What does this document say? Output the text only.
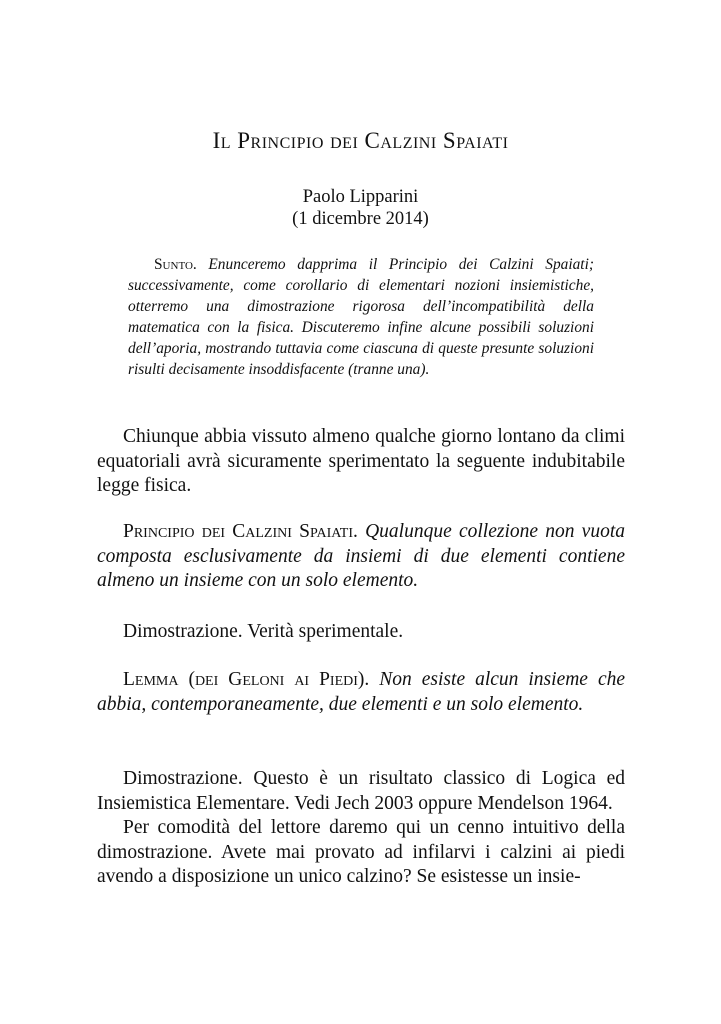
Il Principio dei Calzini Spaiati
Paolo Lipparini
(1 dicembre 2014)

Sunto. Enunceremo dapprima il Principio dei Calzini Spaiati; successivamente, come corollario di elementari nozioni insiemistiche, otterremo una dimostrazione rigorosa dell’incompatibilità della matematica con la fisica. Discuteremo infine alcune possibili soluzioni dell’aporia, mostrando tuttavia come ciascuna di queste presunte soluzioni risulti decisamente insoddisfacente (tranne una).

Chiunque abbia vissuto almeno qualche giorno lontano da climi equatoriali avrà sicuramente sperimentato la seguente indubitabile legge fisica.

Principio dei Calzini Spaiati. Qualunque collezione non vuota composta esclusivamente da insiemi di due elementi contiene almeno un insieme con un solo elemento.

Dimostrazione. Verità sperimentale.

Lemma (dei Geloni ai Piedi). Non esiste alcun insieme che abbia, contemporaneamente, due elementi e un solo elemento.

Dimostrazione. Questo è un risultato classico di Logica ed Insiemistica Elementare. Vedi Jech 2003 oppure Mendelson 1964.

Per comodità del lettore daremo qui un cenno intuitivo della dimostrazione. Avete mai provato ad infilarvi i calzini ai piedi avendo a disposizione un unico calzino? Se esistesse un insie-
